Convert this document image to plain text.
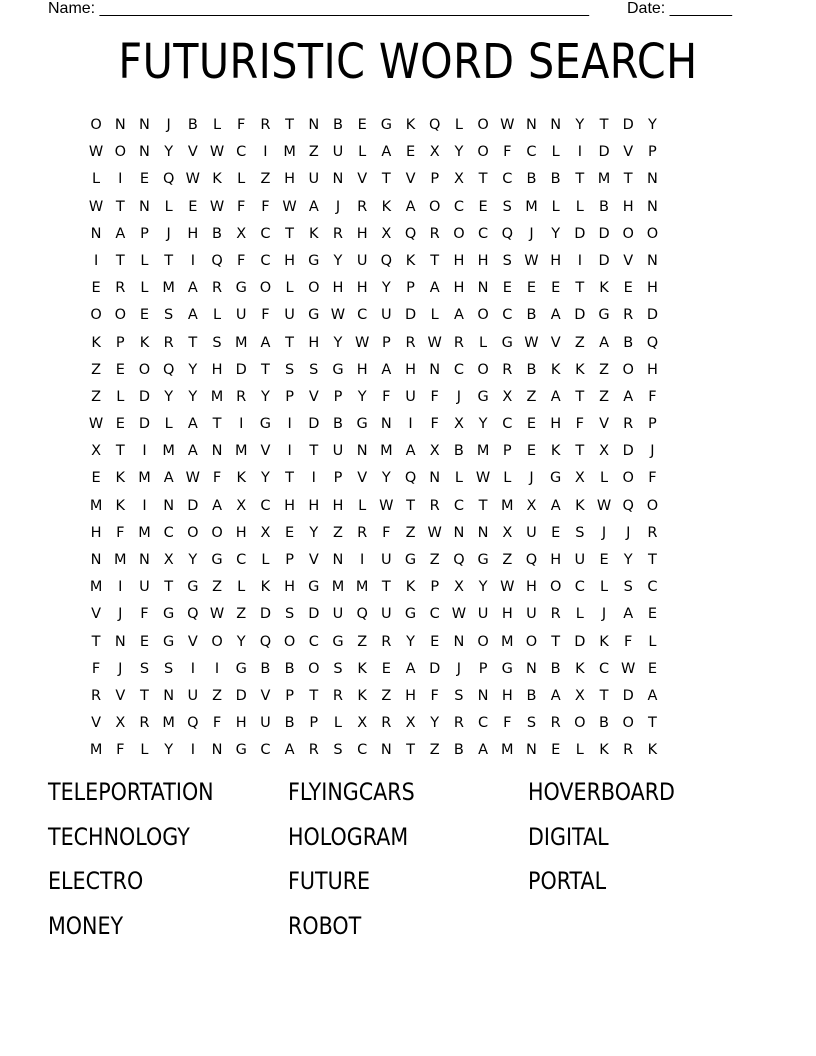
Name: _______________________________________________________ Date: _______
FUTURISTIC WORD SEARCH
O N N J B L F R T N B E G K Q L O W N N Y T D Y
W O N Y V W C I M Z U L A E X Y O F C L I D V P
L I E Q W K L Z H U N V T V P X T C B B T M T N
W T N L E W F F W A J R K A O C E S M L L B H N
N A P J H B X C T K R H X Q R O C Q J Y D D O O
I T L T I Q F C H G Y U Q K T H H S W H I D V N
E R L M A R G O L O H H Y P A H N E E E T K E H
O O E S A L U F U G W C U D L A O C B A D G R D
K P K R T S M A T H Y W P R W R L G W V Z A B Q
Z E O Q Y H D T S S G H A H N C O R B K K Z O H
Z L D Y Y M R Y P V P Y F U F J G X Z A T Z A F
W E D L A T I G I D B G N I F X Y C E H F V R P
X T I M A N M V I T U N M A X B M P E K T X D J
E K M A W F K Y T I P V Y Q N L W L J G X L O F
M K I N D A X C H H H L W T R C T M X A K W Q O
H F M C O O H X E Y Z R F Z W N N X U E S J J R
N M N X Y G C L P V N I U G Z Q G Z Q H U E Y T
M I U T G Z L K H G M M T K P X Y W H O C L S C
V J F G Q W Z D S D U Q U G C W U H U R L J A E
T N E G V O Y Q O C G Z R Y E N O M O T D K F L
F J S S I I G B B O S K E A D J P G N B K C W E
R V T N U Z D V P T R K Z H F S N H B A X T D A
V X R M Q F H U B P L X R X Y R C F S R O B O T
M F L Y I N G C A R S C N T Z B A M N E L K R K
TELEPORTATION	FLYINGCARS	HOVERBOARD
TECHNOLOGY	HOLOGRAM	DIGITAL
ELECTRO	FUTURE	PORTAL
MONEY	ROBOT
